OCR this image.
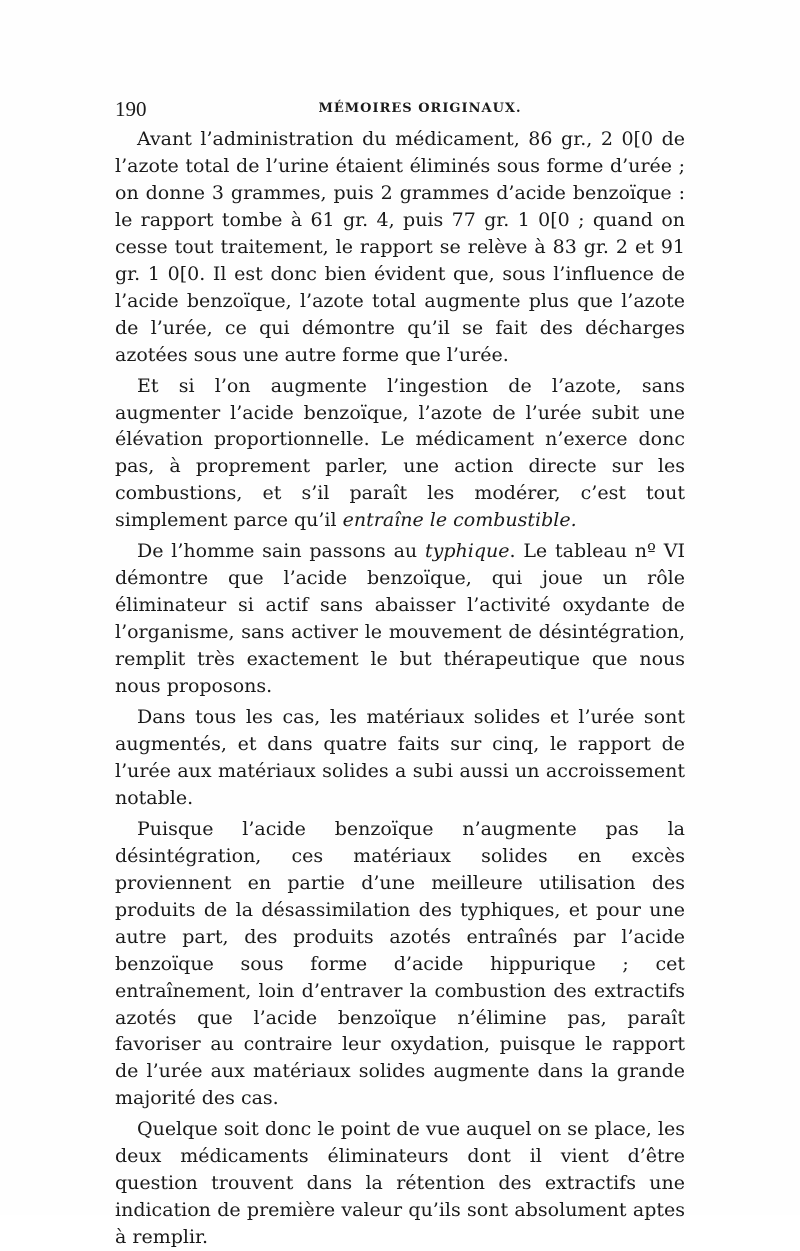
190	MÉMOIRES ORIGINAUX.

Avant l’administration du médicament, 86 gr., 2 0[0 de l’azote total de l’urine étaient éliminés sous forme d’urée ; on donne 3 grammes, puis 2 grammes d’acide benzoïque : le rapport tombe à 61 gr. 4, puis 77 gr. 1 0[0 ; quand on cesse tout traitement, le rapport se relève à 83 gr. 2 et 91 gr. 1 0[0. Il est donc bien évident que, sous l’influence de l’acide benzoïque, l’azote total augmente plus que l’azote de l’urée, ce qui démontre qu’il se fait des décharges azotées sous une autre forme que l’urée.

Et si l’on augmente l’ingestion de l’azote, sans augmenter l’acide benzoïque, l’azote de l’urée subit une élévation proportionnelle. Le médicament n’exerce donc pas, à proprement parler, une action directe sur les combustions, et s’il paraît les modérer, c’est tout simplement parce qu’il entraîne le combustible.

De l’homme sain passons au typhique. Le tableau nº VI démontre que l’acide benzoïque, qui joue un rôle éliminateur si actif sans abaisser l’activité oxydante de l’organisme, sans activer le mouvement de désintégration, remplit très exactement le but thérapeutique que nous nous proposons.

Dans tous les cas, les matériaux solides et l’urée sont augmentés, et dans quatre faits sur cinq, le rapport de l’urée aux matériaux solides a subi aussi un accroissement notable.

Puisque l’acide benzoïque n’augmente pas la désintégration, ces matériaux solides en excès proviennent en partie d’une meilleure utilisation des produits de la désassimilation des typhiques, et pour une autre part, des produits azotés entraînés par l’acide benzoïque sous forme d’acide hippurique ; cet entraînement, loin d’entraver la combustion des extractifs azotés que l’acide benzoïque n’élimine pas, paraît favoriser au contraire leur oxydation, puisque le rapport de l’urée aux matériaux solides augmente dans la grande majorité des cas.

Quelque soit donc le point de vue auquel on se place, les deux médicaments éliminateurs dont il vient d’être question trouvent dans la rétention des extractifs une indication de première valeur qu’ils sont absolument aptes à remplir.
